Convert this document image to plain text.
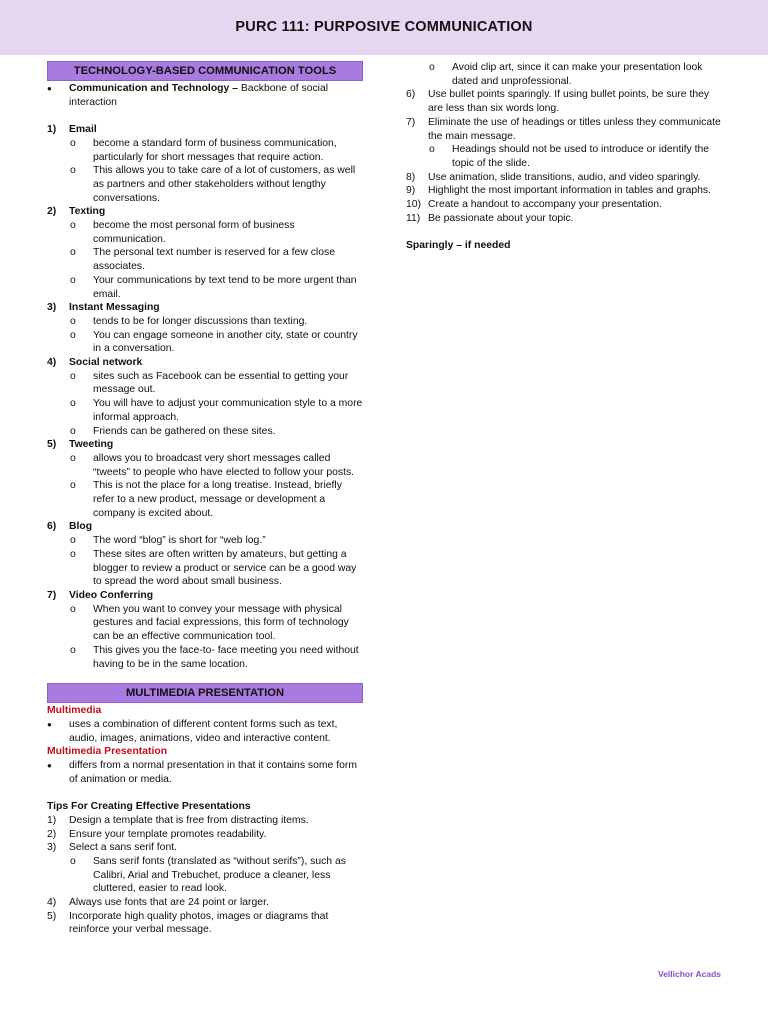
PURC 111: PURPOSIVE COMMUNICATION
TECHNOLOGY-BASED COMMUNICATION TOOLS
● Communication and Technology – Backbone of social interaction
1) Email
o become a standard form of business communication, particularly for short messages that require action.
o This allows you to take care of a lot of customers, as well as partners and other stakeholders without lengthy conversations.
2) Texting
o become the most personal form of business communication.
o The personal text number is reserved for a few close associates.
o Your communications by text tend to be more urgent than email.
3) Instant Messaging
o tends to be for longer discussions than texting.
o You can engage someone in another city, state or country in a conversation.
4) Social network
o sites such as Facebook can be essential to getting your message out.
o You will have to adjust your communication style to a more informal approach.
o Friends can be gathered on these sites.
5) Tweeting
o allows you to broadcast very short messages called “tweets” to people who have elected to follow your posts.
o This is not the place for a long treatise. Instead, briefly refer to a new product, message or development a company is excited about.
6) Blog
o The word “blog” is short for “web log.”
o These sites are often written by amateurs, but getting a blogger to review a product or service can be a good way to spread the word about small business.
7) Video Conferring
o When you want to convey your message with physical gestures and facial expressions, this form of technology can be an effective communication tool.
o This gives you the face-to- face meeting you need without having to be in the same location.
MULTIMEDIA PRESENTATION
Multimedia
● uses a combination of different content forms such as text, audio, images, animations, video and interactive content.
Multimedia Presentation
● differs from a normal presentation in that it contains some form of animation or media.
Tips For Creating Effective Presentations
1) Design a template that is free from distracting items.
2) Ensure your template promotes readability.
3) Select a sans serif font.
o Sans serif fonts (translated as “without serifs”), such as Calibri, Arial and Trebuchet, produce a cleaner, less cluttered, easier to read look.
4) Always use fonts that are 24 point or larger.
5) Incorporate high quality photos, images or diagrams that reinforce your verbal message.
o Avoid clip art, since it can make your presentation look dated and unprofessional.
6) Use bullet points sparingly. If using bullet points, be sure they are less than six words long.
7) Eliminate the use of headings or titles unless they communicate the main message.
o Headings should not be used to introduce or identify the topic of the slide.
8) Use animation, slide transitions, audio, and video sparingly.
9) Highlight the most important information in tables and graphs.
10) Create a handout to accompany your presentation.
11) Be passionate about your topic.
Sparingly – if needed
Vellichor Acads
